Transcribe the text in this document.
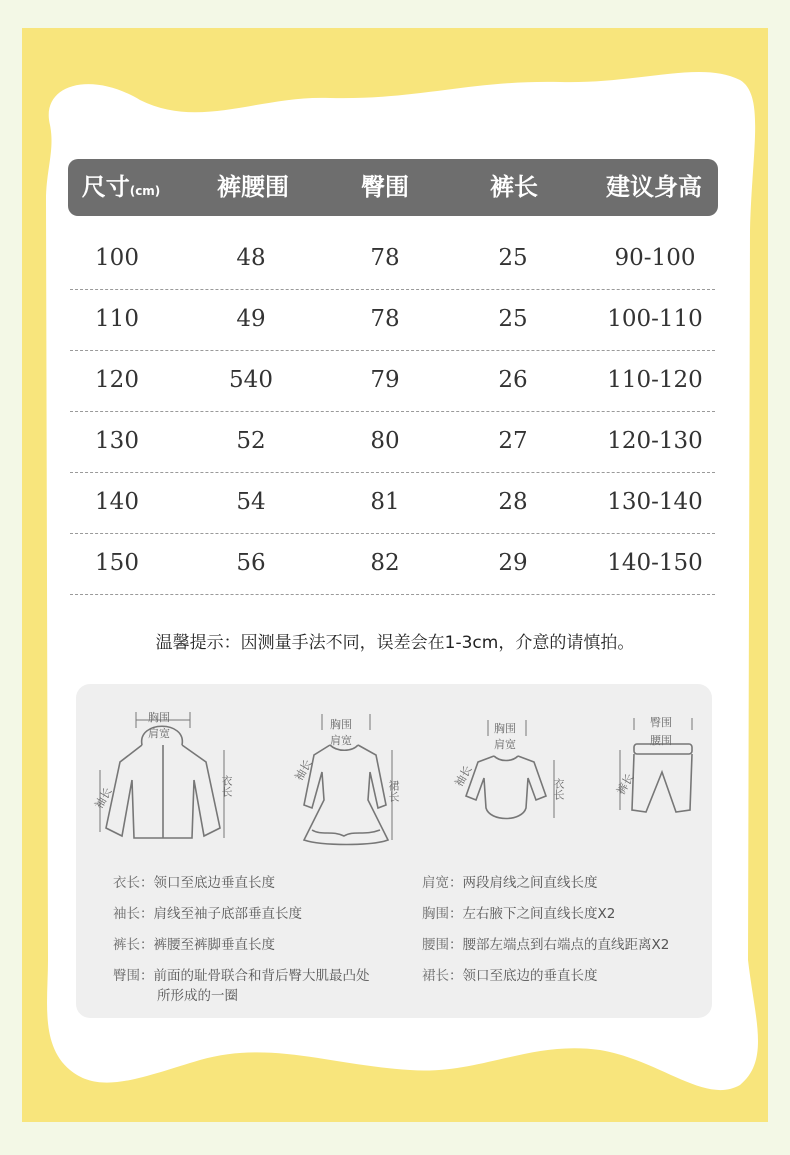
尺寸(cm) 裤腰围	臀围	裤长	建议身高
100	48	78	25	90-100
110	49	78	25	100-110
120	540	79	26	110-120
130	52	80	27	120-130
140	54	81	28	130-140
150	56	82	29	140-150
温馨提示：因测量手法不同，误差会在1-3cm，介意的请慎拍。
胸围
肩宽
袖长	衣长
胸围
肩宽
袖长
裙长
胸围
肩宽
袖长	衣长
臀围
腰围
裤长
衣长：领口至底边垂直长度
袖长：肩线至袖子底部垂直长度
裤长：裤腰至裤脚垂直长度
臀围：前面的耻骨联合和背后臀大肌最凸处
所形成的一圈
肩宽：两段肩线之间直线长度
胸围：左右腋下之间直线长度X2
腰围：腰部左端点到右端点的直线距离X2
裙长：领口至底边的垂直长度
